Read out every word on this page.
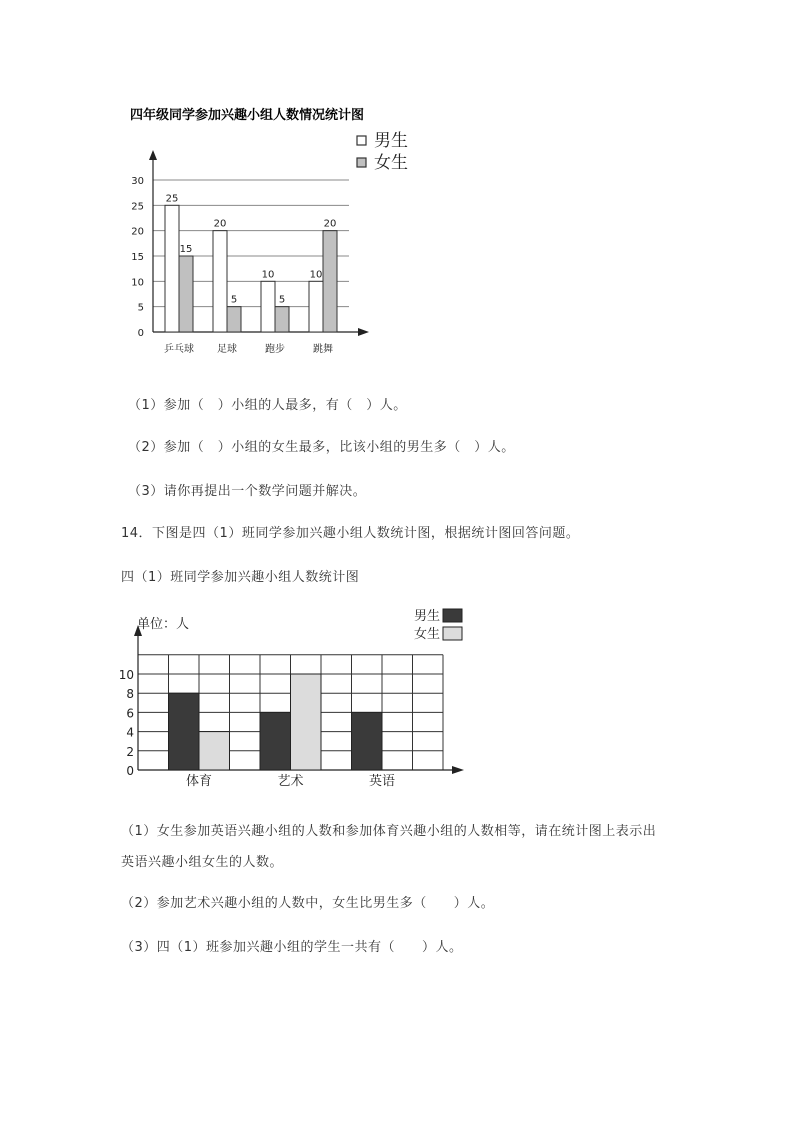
四年级同学参加兴趣小组人数情况统计图
0
5
10
15
20
25
30
25
15
乒乓球
20
5
足球
10
5
跑步
10
20
跳舞
男生
女生
（1）参加（　）小组的人最多，有（　）人。
（2）参加（　）小组的女生最多，比该小组的男生多（　）人。
（3）请你再提出一个数学问题并解决。
14．下图是四（1）班同学参加兴趣小组人数统计图，根据统计图回答问题。
四（1）班同学参加兴趣小组人数统计图
单位：人
0
2
4
6
8
10
体育	艺术	英语
男生
女生
（1）女生参加英语兴趣小组的人数和参加体育兴趣小组的人数相等，请在统计图上表示出
英语兴趣小组女生的人数。
（2）参加艺术兴趣小组的人数中，女生比男生多（　　）人。
（3）四（1）班参加兴趣小组的学生一共有（　　）人。
